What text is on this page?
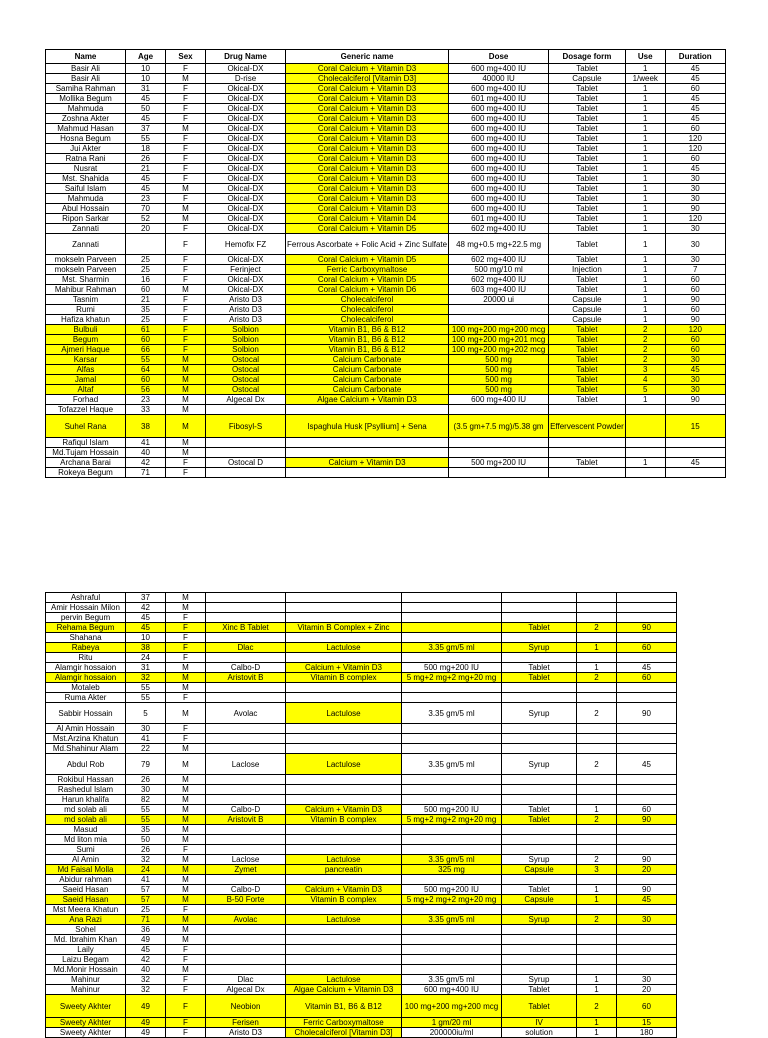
Name	Age	Sex	Drug Name	Generic name	Dose	Dosage form	Use	Duration
Basir Ali	10	F	Okical-DX	Coral Calcium + Vitamin D3	600 mg+400 IU	Tablet	1	45
Basir Ali	10	M	D-rise	Cholecalciferol [Vitamin D3]	40000 IU	Capsule	1/week	45
Samiha Rahman	31	F	Okical-DX	Coral Calcium + Vitamin D3	600 mg+400 IU	Tablet	1	60
Mollika Begum	45	F	Okical-DX	Coral Calcium + Vitamin D3	601 mg+400 IU	Tablet	1	45
Mahmuda	50	F	Okical-DX	Coral Calcium + Vitamin D3	600 mg+400 IU	Tablet	1	45
Zoshna Akter	45	F	Okical-DX	Coral Calcium + Vitamin D3	600 mg+400 IU	Tablet	1	45
Mahmud Hasan	37	M	Okical-DX	Coral Calcium + Vitamin D3	600 mg+400 IU	Tablet	1	60
Hosna Begum	55	F	Okical-DX	Coral Calcium + Vitamin D3	600 mg+400 IU	Tablet	1	120
Jui Akter	18	F	Okical-DX	Coral Calcium + Vitamin D3	600 mg+400 IU	Tablet	1	120
Ratna Rani	26	F	Okical-DX	Coral Calcium + Vitamin D3	600 mg+400 IU	Tablet	1	60
Nusrat	21	F	Okical-DX	Coral Calcium + Vitamin D3	600 mg+400 IU	Tablet	1	45
Mst. Shahida	45	F	Okical-DX	Coral Calcium + Vitamin D3	600 mg+400 IU	Tablet	1	30
Saiful Islam	45	M	Okical-DX	Coral Calcium + Vitamin D3	600 mg+400 IU	Tablet	1	30
Mahmuda	23	F	Okical-DX	Coral Calcium + Vitamin D3	600 mg+400 IU	Tablet	1	30
Abul Hossain	70	M	Okical-DX	Coral Calcium + Vitamin D3	600 mg+400 IU	Tablet	1	90
Ripon Sarkar	52	M	Okical-DX	Coral Calcium + Vitamin D4	601 mg+400 IU	Tablet	1	120
Zannati	20	F	Okical-DX	Coral Calcium + Vitamin D5	602 mg+400 IU	Tablet	1	30
Zannati		F	Hemofix FZ	Ferrous Ascorbate + Folic Acid + Zinc Sulfate	48 mg+0.5 mg+22.5 mg	Tablet	1	30
mokseln Parveen	25	F	Okical-DX	Coral Calcium + Vitamin D5	602 mg+400 IU	Tablet	1	30
mokseln Parveen	25	F	Ferinject	Ferric Carboxymaltose	500 mg/10 ml	Injection	1	7
Mst. Sharmin	16	F	Okical-DX	Coral Calcium + Vitamin D5	602 mg+400 IU	Tablet	1	60
Mahibur Rahman	60	M	Okical-DX	Coral Calcium + Vitamin D6	603 mg+400 IU	Tablet	1	60
Tasnim	21	F	Aristo D3	Cholecalciferol	20000 ui	Capsule	1	90
Rumi	35	F	Aristo D3	Cholecalciferol		Capsule	1	60
Hafiza khatun	25	F	Aristo D3	Cholecalciferol		Capsule	1	90
Bulbuli	61	F	Solbion	Vitamin B1, B6 & B12	100 mg+200 mg+200 mcg	Tablet	2	120
Begum	60	F	Solbion	Vitamin B1, B6 & B12	100 mg+200 mg+201 mcg	Tablet	2	60
Ajmeri Haque	66	F	Solbion	Vitamin B1, B6 & B12	100 mg+200 mg+202 mcg	Tablet	2	60
Karsar	55	M	Ostocal	Calcium Carbonate	500 mg	Tablet	2	30
Alfas	64	M	Ostocal	Calcium Carbonate	500 mg	Tablet	3	45
Jamal	60	M	Ostocal	Calcium Carbonate	500 mg	Tablet	4	30
Altaf	56	M	Ostocal	Calcium Carbonate	500 mg	Tablet	5	30
Forhad	23	M	Algecal Dx	Algae Calcium + Vitamin D3	600 mg+400 IU	Tablet	1	90
Tofazzel Haque	33	M						
Suhel Rana	38	M	Fibosyl-S	Ispaghula Husk [Psyllium] + Sena	(3.5 gm+7.5 mg)/5.38 gm	Effervescent Powder		15
Rafiqul Islam	41	M						
Md.Tujam Hossain	40	M						
Archana Barai	42	F	Ostocal D	Calcium + Vitamin D3	500 mg+200 IU	Tablet	1	45
Rokeya Begum	71	F						
Ashraful	37	M						
Amir Hossain Milon	42	M						
pervin Begum	45	F						
Rehama Begum	45	F	Xinc B Tablet	Vitamin B Complex + Zinc		Tablet	2	90
Shahana	10	F						
Rabeya	38	F	Dlac	Lactulose	3.35 gm/5 ml	Syrup	1	60
Ritu	24	F						
Alamgir hossaion	31	M	Calbo-D	Calcium + Vitamin D3	500 mg+200 IU	Tablet	1	45
Alamgir hossaion	32	M	Aristovit B	Vitamin B complex	5 mg+2 mg+2 mg+20 mg	Tablet	2	60
Motaleb	55	M						
Ruma Akter	55	F						
Sabbir Hossain	5	M	Avolac	Lactulose	3.35 gm/5 ml	Syrup	2	90
Al Amin Hossain	30	F						
Mst.Arzina Khatun	41	F						
Md.Shahinur Alam	22	M						
Abdul Rob	79	M	Laclose	Lactulose	3.35 gm/5 ml	Syrup	2	45
Rokibul Hassan	26	M						
Rashedul Islam	30	M						
Harun khalifa	82	M						
md solab ali	55	M	Calbo-D	Calcium + Vitamin D3	500 mg+200 IU	Tablet	1	60
md solab ali	55	M	Aristovit B	Vitamin B complex	5 mg+2 mg+2 mg+20 mg	Tablet	2	90
Masud	35	M						
Md liton mia	50	M						
Sumi	26	F						
Al Amin	32	M	Laclose	Lactulose	3.35 gm/5 ml	Syrup	2	90
Md Faisal Molla	24	M	Zymet	pancreatin	325 mg	Capsule	3	20
Abidur rahman	41	M						
Saeid Hasan	57	M	Calbo-D	Calcium + Vitamin D3	500 mg+200 IU	Tablet	1	90
Saeid Hasan	57	M	B-50 Forte	Vitamin B complex	5 mg+2 mg+2 mg+20 mg	Capsule	1	45
Mst Meera Khatun	25	F						
Ana Razi	71	M	Avolac	Lactulose	3.35 gm/5 ml	Syrup	2	30
Sohel	36	M						
Md. Ibrahim Khan	49	M						
Laily	45	F						
Laizu Begam	42	F						
Md.Monir Hossain	40	M						
Mahinur	32	F	Dlac	Lactulose	3.35 gm/5 ml	Syrup	1	30
Mahinur	32	F	Algecal Dx	Algae Calcium + Vitamin D3	600 mg+400 IU	Tablet	1	20
Sweety Akhter	49	F	Neobion	Vitamin B1, B6 & B12	100 mg+200 mg+200 mcg	Tablet	2	60
Sweety Akhter	49	F	Ferisen	Ferric Carboxymaltose	1 gm/20 ml	IV	1	15
Sweety Akhter	49	F	Aristo D3	Cholecalciferol [Vitamin D3]	200000iu/ml	solution	1	180
